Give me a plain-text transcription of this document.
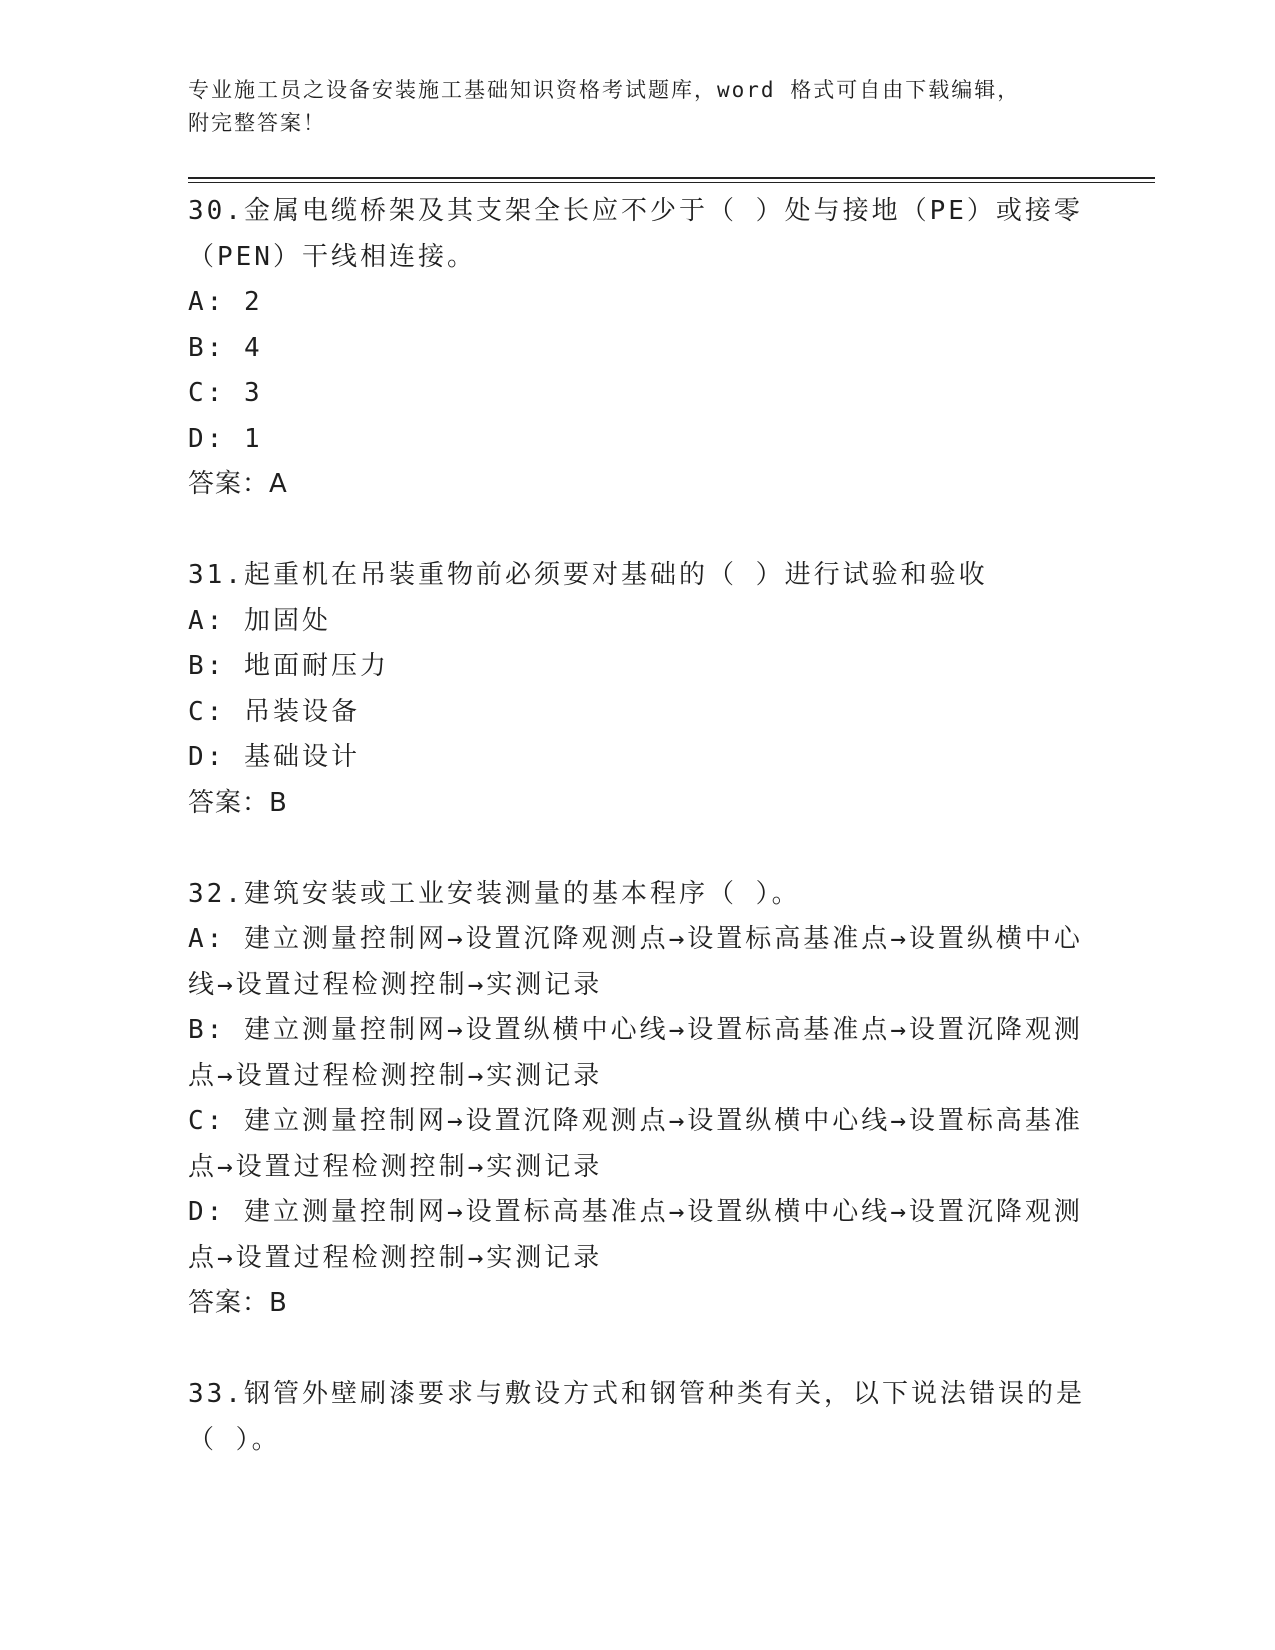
专业施工员之设备安装施工基础知识资格考试题库，word 格式可自由下载编辑，
附完整答案！
30.金属电缆桥架及其支架全长应不少于（ ）处与接地（PE）或接零（PEN）干线相连接。
A: 2
B: 4
C: 3
D: 1
答案：A
31.起重机在吊装重物前必须要对基础的（ ）进行试验和验收
A: 加固处
B: 地面耐压力
C: 吊装设备
D: 基础设计
答案：B
32.建筑安装或工业安装测量的基本程序（ ）。
A: 建立测量控制网→设置沉降观测点→设置标高基准点→设置纵横中心线→设置过程检测控制→实测记录
B: 建立测量控制网→设置纵横中心线→设置标高基准点→设置沉降观测点→设置过程检测控制→实测记录
C: 建立测量控制网→设置沉降观测点→设置纵横中心线→设置标高基准点→设置过程检测控制→实测记录
D: 建立测量控制网→设置标高基准点→设置纵横中心线→设置沉降观测点→设置过程检测控制→实测记录
答案：B
33.钢管外壁刷漆要求与敷设方式和钢管种类有关，以下说法错误的是（ ）。
